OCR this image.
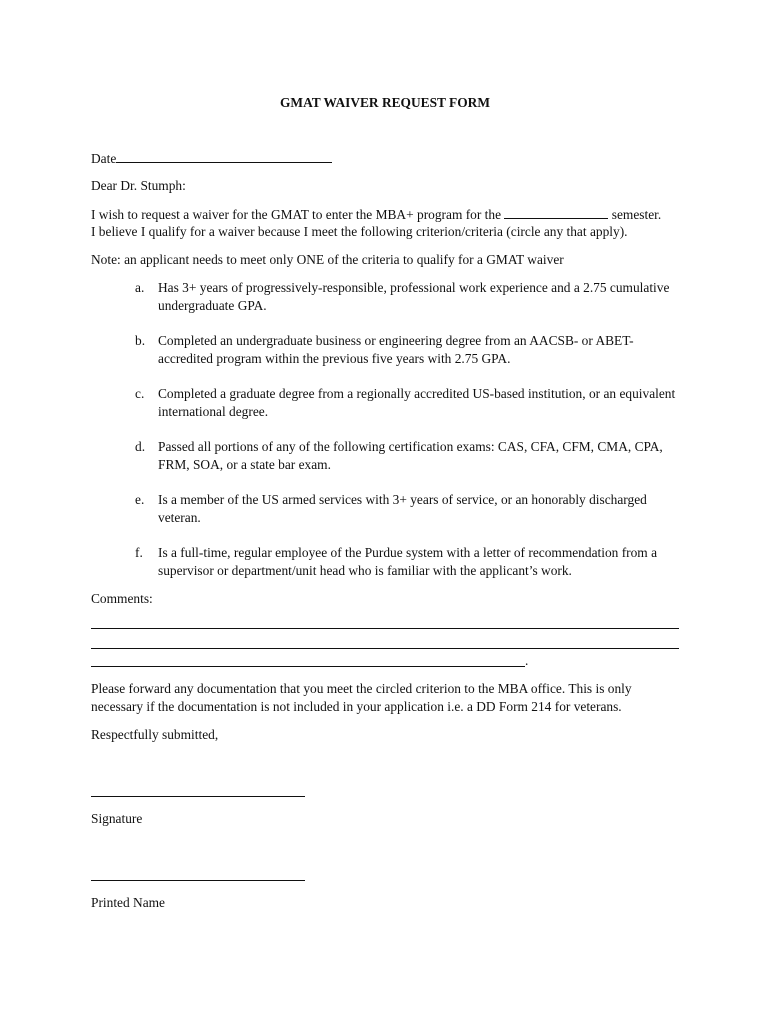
GMAT WAIVER REQUEST FORM
Date
Dear Dr. Stumph:
I wish to request a waiver for the GMAT to enter the MBA+ program for the	semester.
I believe I qualify for a waiver because I meet the following criterion/criteria (circle any that apply).
Note: an applicant needs to meet only ONE of the criteria to qualify for a GMAT waiver
a. Has 3+ years of progressively-responsible, professional work experience and a 2.75 cumulative undergraduate GPA.
b. Completed an undergraduate business or engineering degree from an AACSB- or ABET-accredited program within the previous five years with 2.75 GPA.
c. Completed a graduate degree from a regionally accredited US-based institution, or an equivalent international degree.
d. Passed all portions of any of the following certification exams: CAS, CFA, CFM, CMA, CPA, FRM, SOA, or a state bar exam.
e. Is a member of the US armed services with 3+ years of service, or an honorably discharged veteran.
f. Is a full-time, regular employee of the Purdue system with a letter of recommendation from a supervisor or department/unit head who is familiar with the applicant’s work.
Comments:
.
Please forward any documentation that you meet the circled criterion to the MBA office. This is only
necessary if the documentation is not included in your application i.e. a DD Form 214 for veterans.
Respectfully submitted,
Signature
Printed Name
